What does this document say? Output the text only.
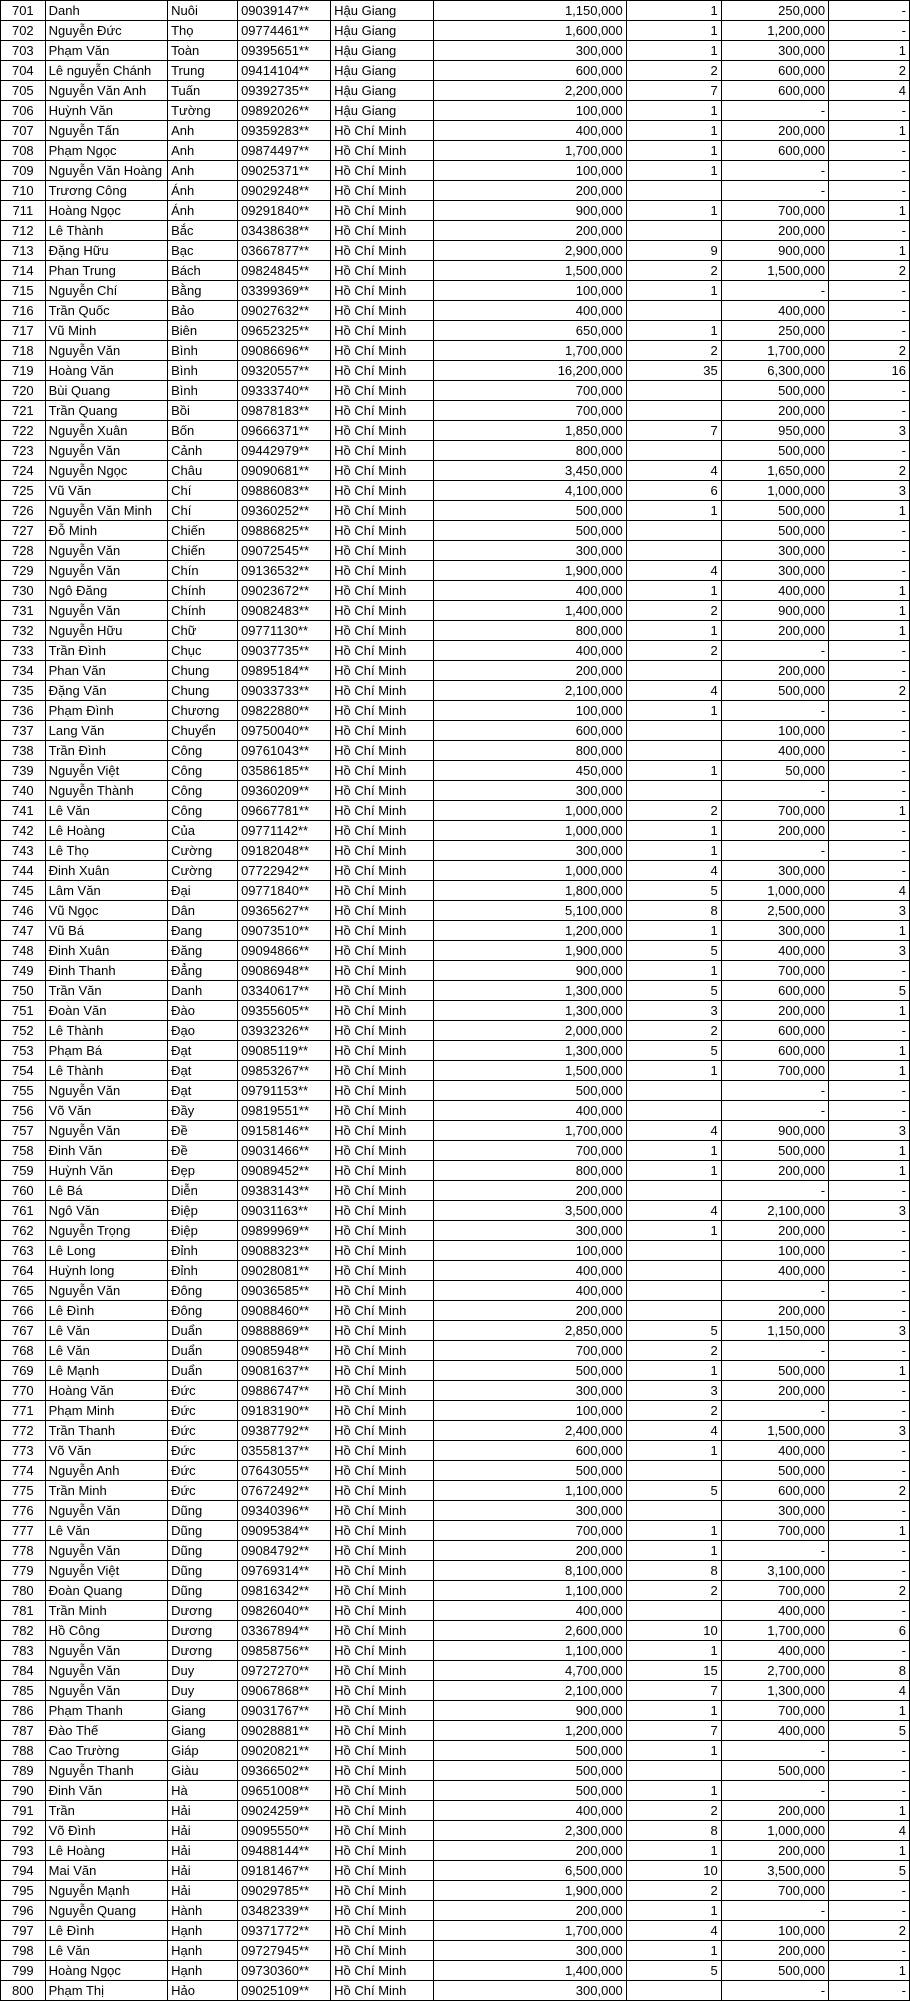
701	Danh	Nuôi	09039147**	Hậu Giang	1,150,000	1	250,000	-
702	Nguyễn Đức	Thọ	09774461**	Hậu Giang	1,600,000	1	1,200,000	-
703	Phạm Văn	Toàn	09395651**	Hậu Giang	300,000	1	300,000	1
704	Lê nguyễn Chánh	Trung	09414104**	Hậu Giang	600,000	2	600,000	2
705	Nguyễn Văn Anh	Tuấn	09392735**	Hậu Giang	2,200,000	7	600,000	4
706	Huỳnh Văn	Tường	09892026**	Hậu Giang	100,000	1	-	-
707	Nguyễn Tấn	Anh	09359283**	Hồ Chí Minh	400,000	1	200,000	1
708	Phạm Ngọc	Anh	09874497**	Hồ Chí Minh	1,700,000	1	600,000	-
709	Nguyễn Văn Hoàng	Anh	09025371**	Hồ Chí Minh	100,000	1	-	-
710	Trương Công	Ánh	09029248**	Hồ Chí Minh	200,000		-	-
711	Hoàng Ngọc	Ánh	09291840**	Hồ Chí Minh	900,000	1	700,000	1
712	Lê Thành	Bắc	03438638**	Hồ Chí Minh	200,000		200,000	-
713	Đặng Hữu	Bạc	03667877**	Hồ Chí Minh	2,900,000	9	900,000	1
714	Phan Trung	Bách	09824845**	Hồ Chí Minh	1,500,000	2	1,500,000	2
715	Nguyễn Chí	Bằng	03399369**	Hồ Chí Minh	100,000	1	-	-
716	Trần Quốc	Bảo	09027632**	Hồ Chí Minh	400,000		400,000	-
717	Vũ Minh	Biên	09652325**	Hồ Chí Minh	650,000	1	250,000	-
718	Nguyễn Văn	Bình	09086696**	Hồ Chí Minh	1,700,000	2	1,700,000	2
719	Hoàng Văn	Bình	09320557**	Hồ Chí Minh	16,200,000	35	6,300,000	16
720	Bùi Quang	Bình	09333740**	Hồ Chí Minh	700,000		500,000	-
721	Trần Quang	Bồi	09878183**	Hồ Chí Minh	700,000		200,000	-
722	Nguyễn Xuân	Bốn	09666371**	Hồ Chí Minh	1,850,000	7	950,000	3
723	Nguyễn Văn	Cảnh	09442979**	Hồ Chí Minh	800,000		500,000	-
724	Nguyễn Ngọc	Châu	09090681**	Hồ Chí Minh	3,450,000	4	1,650,000	2
725	Vũ Văn	Chí	09886083**	Hồ Chí Minh	4,100,000	6	1,000,000	3
726	Nguyễn Văn Minh	Chí	09360252**	Hồ Chí Minh	500,000	1	500,000	1
727	Đỗ Minh	Chiến	09886825**	Hồ Chí Minh	500,000		500,000	-
728	Nguyễn Văn	Chiến	09072545**	Hồ Chí Minh	300,000		300,000	-
729	Nguyễn Văn	Chín	09136532**	Hồ Chí Minh	1,900,000	4	300,000	-
730	Ngô Đăng	Chính	09023672**	Hồ Chí Minh	400,000	1	400,000	1
731	Nguyễn Văn	Chính	09082483**	Hồ Chí Minh	1,400,000	2	900,000	1
732	Nguyễn Hữu	Chữ	09771130**	Hồ Chí Minh	800,000	1	200,000	1
733	Trần Đình	Chục	09037735**	Hồ Chí Minh	400,000	2	-	-
734	Phan Văn	Chung	09895184**	Hồ Chí Minh	200,000		200,000	-
735	Đặng Văn	Chung	09033733**	Hồ Chí Minh	2,100,000	4	500,000	2
736	Phạm Đình	Chương	09822880**	Hồ Chí Minh	100,000	1	-	-
737	Lang Văn	Chuyển	09750040**	Hồ Chí Minh	600,000		100,000	-
738	Trần Đình	Công	09761043**	Hồ Chí Minh	800,000		400,000	-
739	Nguyễn Việt	Công	03586185**	Hồ Chí Minh	450,000	1	50,000	-
740	Nguyễn Thành	Công	09360209**	Hồ Chí Minh	300,000		-	-
741	Lê Văn	Công	09667781**	Hồ Chí Minh	1,000,000	2	700,000	1
742	Lê Hoàng	Của	09771142**	Hồ Chí Minh	1,000,000	1	200,000	-
743	Lê Thọ	Cường	09182048**	Hồ Chí Minh	300,000	1	-	-
744	Đinh Xuân	Cường	07722942**	Hồ Chí Minh	1,000,000	4	300,000	-
745	Lâm Văn	Đại	09771840**	Hồ Chí Minh	1,800,000	5	1,000,000	4
746	Vũ Ngọc	Dân	09365627**	Hồ Chí Minh	5,100,000	8	2,500,000	3
747	Vũ Bá	Đang	09073510**	Hồ Chí Minh	1,200,000	1	300,000	1
748	Đinh Xuân	Đăng	09094866**	Hồ Chí Minh	1,900,000	5	400,000	3
749	Đinh Thanh	Đẳng	09086948**	Hồ Chí Minh	900,000	1	700,000	-
750	Trần Văn	Danh	03340617**	Hồ Chí Minh	1,300,000	5	600,000	5
751	Đoàn Văn	Đào	09355605**	Hồ Chí Minh	1,300,000	3	200,000	1
752	Lê Thành	Đạo	03932326**	Hồ Chí Minh	2,000,000	2	600,000	-
753	Phạm Bá	Đạt	09085119**	Hồ Chí Minh	1,300,000	5	600,000	1
754	Lê Thành	Đạt	09853267**	Hồ Chí Minh	1,500,000	1	700,000	1
755	Nguyễn Văn	Đạt	09791153**	Hồ Chí Minh	500,000		-	-
756	Võ Văn	Đầy	09819551**	Hồ Chí Minh	400,000		-	-
757	Nguyễn Văn	Đề	09158146**	Hồ Chí Minh	1,700,000	4	900,000	3
758	Đinh Văn	Đề	09031466**	Hồ Chí Minh	700,000	1	500,000	1
759	Huỳnh Văn	Đẹp	09089452**	Hồ Chí Minh	800,000	1	200,000	1
760	Lê Bá	Diễn	09383143**	Hồ Chí Minh	200,000		-	-
761	Ngô Văn	Điệp	09031163**	Hồ Chí Minh	3,500,000	4	2,100,000	3
762	Nguyễn Trọng	Điệp	09899969**	Hồ Chí Minh	300,000	1	200,000	-
763	Lê Long	Đỉnh	09088323**	Hồ Chí Minh	100,000		100,000	-
764	Huỳnh long	Đỉnh	09028081**	Hồ Chí Minh	400,000		400,000	-
765	Nguyễn Văn	Đông	09036585**	Hồ Chí Minh	400,000		-	-
766	Lê Đình	Đông	09088460**	Hồ Chí Minh	200,000		200,000	-
767	Lê Văn	Duẩn	09888869**	Hồ Chí Minh	2,850,000	5	1,150,000	3
768	Lê Văn	Duẩn	09085948**	Hồ Chí Minh	700,000	2	-	-
769	Lê Mạnh	Duẩn	09081637**	Hồ Chí Minh	500,000	1	500,000	1
770	Hoàng Văn	Đức	09886747**	Hồ Chí Minh	300,000	3	200,000	-
771	Phạm Minh	Đức	09183190**	Hồ Chí Minh	100,000	2	-	-
772	Trần Thanh	Đức	09387792**	Hồ Chí Minh	2,400,000	4	1,500,000	3
773	Võ Văn	Đức	03558137**	Hồ Chí Minh	600,000	1	400,000	-
774	Nguyễn Anh	Đức	07643055**	Hồ Chí Minh	500,000		500,000	-
775	Trần Minh	Đức	07672492**	Hồ Chí Minh	1,100,000	5	600,000	2
776	Nguyễn Văn	Dũng	09340396**	Hồ Chí Minh	300,000		300,000	-
777	Lê Văn	Dũng	09095384**	Hồ Chí Minh	700,000	1	700,000	1
778	Nguyễn Văn	Dũng	09084792**	Hồ Chí Minh	200,000	1	-	-
779	Nguyễn Việt	Dũng	09769314**	Hồ Chí Minh	8,100,000	8	3,100,000	-
780	Đoàn Quang	Dũng	09816342**	Hồ Chí Minh	1,100,000	2	700,000	2
781	Trần Minh	Dương	09826040**	Hồ Chí Minh	400,000		400,000	-
782	Hồ Công	Dương	03367894**	Hồ Chí Minh	2,600,000	10	1,700,000	6
783	Nguyễn Văn	Dương	09858756**	Hồ Chí Minh	1,100,000	1	400,000	-
784	Nguyễn Văn	Duy	09727270**	Hồ Chí Minh	4,700,000	15	2,700,000	8
785	Nguyễn Văn	Duy	09067868**	Hồ Chí Minh	2,100,000	7	1,300,000	4
786	Phạm Thanh	Giang	09031767**	Hồ Chí Minh	900,000	1	700,000	1
787	Đào Thế	Giang	09028881**	Hồ Chí Minh	1,200,000	7	400,000	5
788	Cao Trường	Giáp	09020821**	Hồ Chí Minh	500,000	1	-	-
789	Nguyễn Thanh	Giàu	09366502**	Hồ Chí Minh	500,000		500,000	-
790	Đinh Văn	Hà	09651008**	Hồ Chí Minh	500,000	1	-	-
791	Trần	Hải	09024259**	Hồ Chí Minh	400,000	2	200,000	1
792	Võ Đình	Hải	09095550**	Hồ Chí Minh	2,300,000	8	1,000,000	4
793	Lê Hoàng	Hải	09488144**	Hồ Chí Minh	200,000	1	200,000	1
794	Mai Văn	Hải	09181467**	Hồ Chí Minh	6,500,000	10	3,500,000	5
795	Nguyễn Mạnh	Hải	09029785**	Hồ Chí Minh	1,900,000	2	700,000	-
796	Nguyễn Quang	Hành	03482339**	Hồ Chí Minh	200,000	1	-	-
797	Lê Đình	Hạnh	09371772**	Hồ Chí Minh	1,700,000	4	100,000	2
798	Lê Văn	Hạnh	09727945**	Hồ Chí Minh	300,000	1	200,000	-
799	Hoàng Ngọc	Hạnh	09730360**	Hồ Chí Minh	1,400,000	5	500,000	1
800	Phạm Thị	Hảo	09025109**	Hồ Chí Minh	300,000		-	-
